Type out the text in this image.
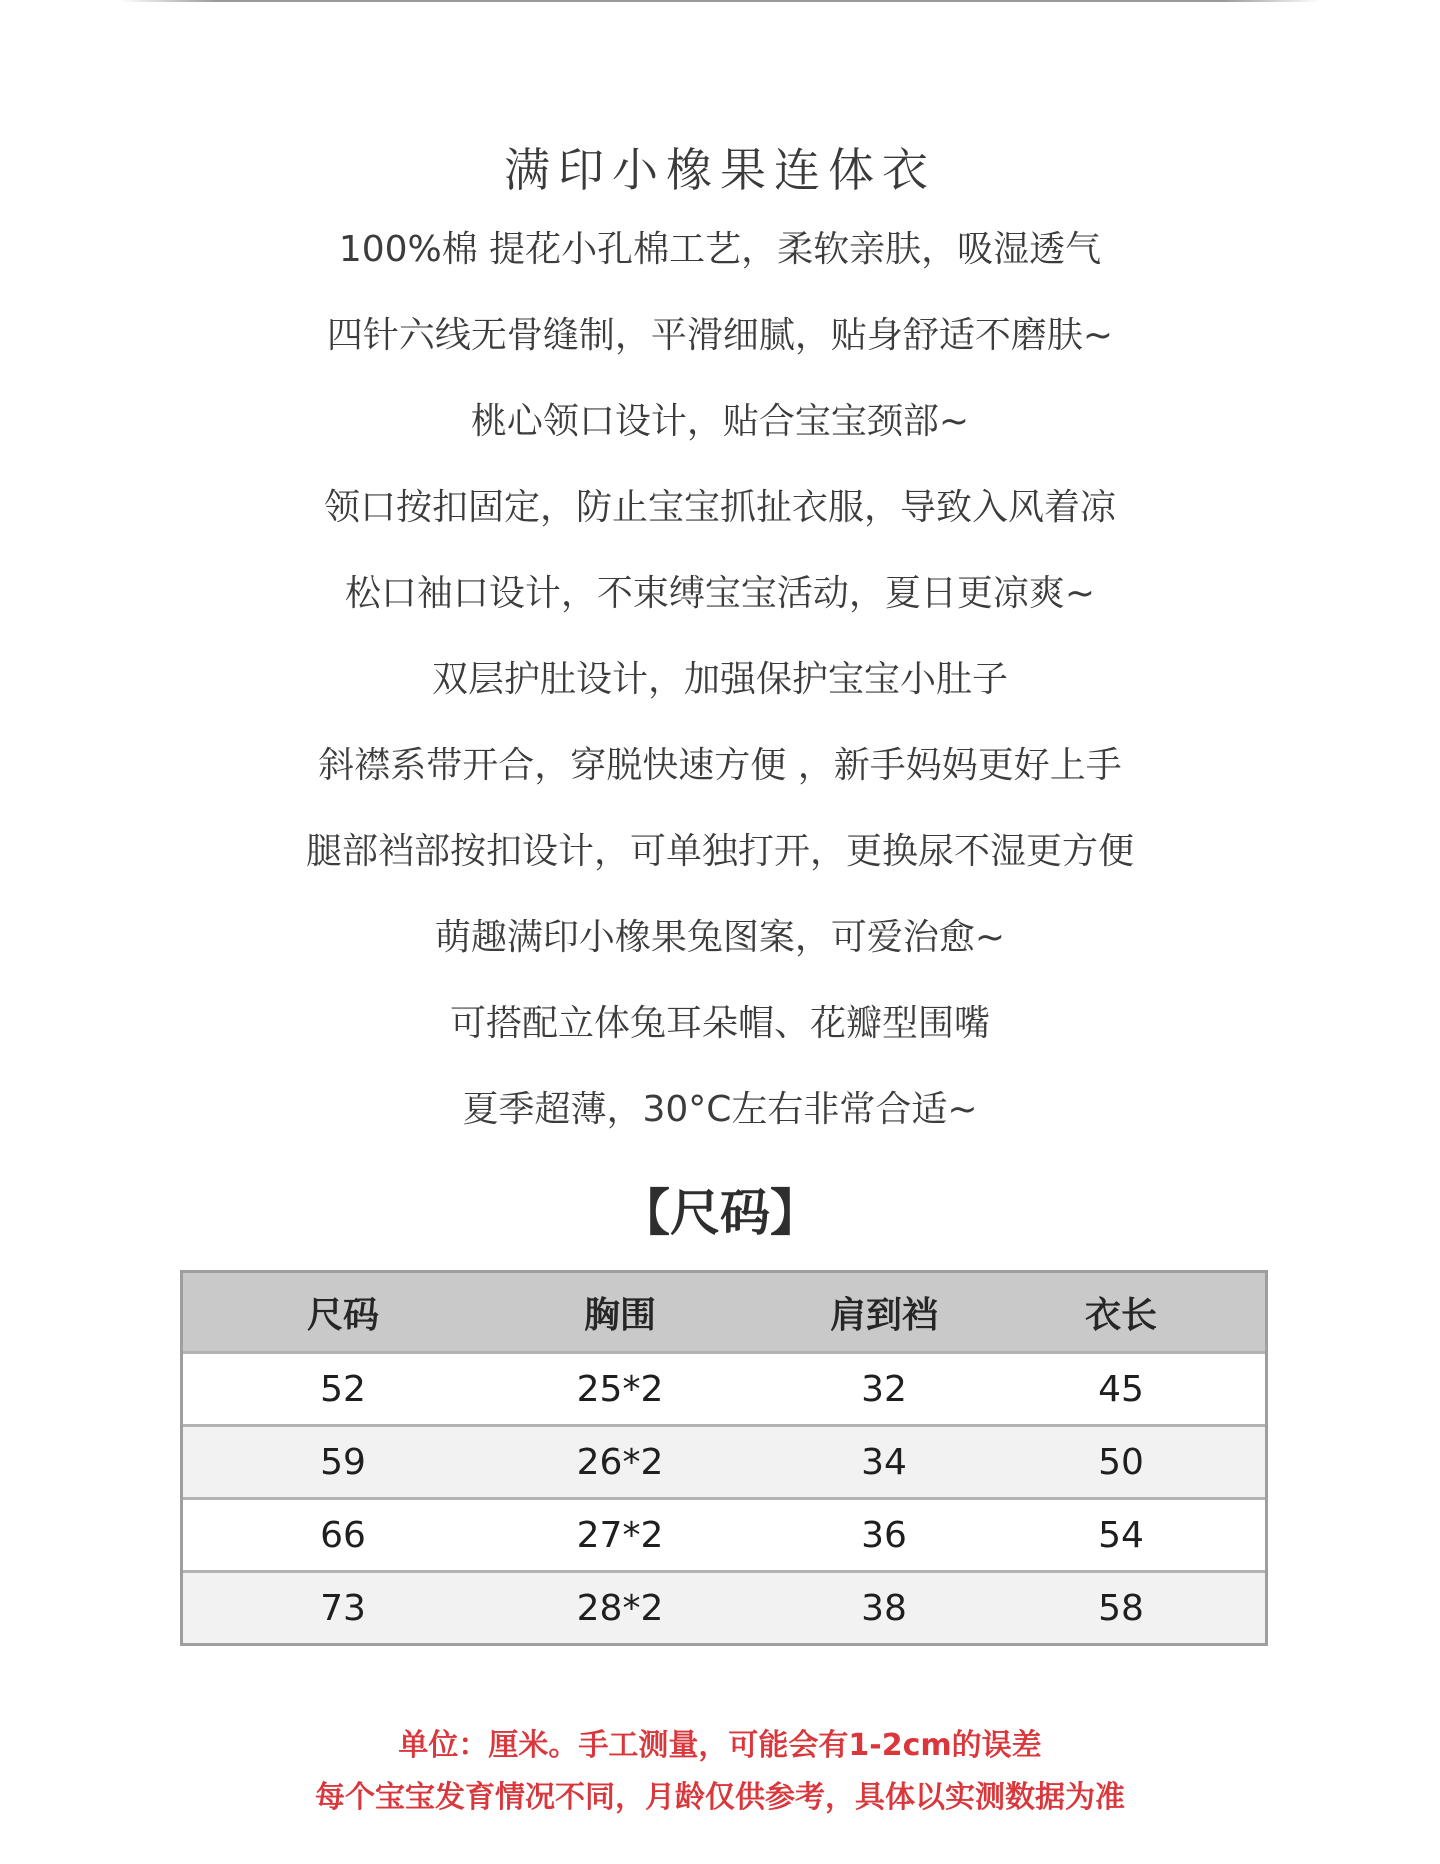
满印小橡果连体衣
100%棉 提花小孔棉工艺，柔软亲肤，吸湿透气
四针六线无骨缝制，平滑细腻，贴身舒适不磨肤~
桃心领口设计，贴合宝宝颈部~
领口按扣固定，防止宝宝抓扯衣服，导致入风着凉
松口袖口设计，不束缚宝宝活动，夏日更凉爽~
双层护肚设计，加强保护宝宝小肚子
斜襟系带开合，穿脱快速方便 ，新手妈妈更好上手
腿部裆部按扣设计，可单独打开，更换尿不湿更方便
萌趣满印小橡果兔图案，可爱治愈~
可搭配立体兔耳朵帽、花瓣型围嘴
夏季超薄，30°C左右非常合适~
【尺码】
尺码	胸围	肩到裆	衣长
52	25*2	32	45
59	26*2	34	50
66	27*2	36	54
73	28*2	38	58

单位：厘米。手工测量，可能会有1-2cm的误差

每个宝宝发育情况不同，月龄仅供参考，具体以实测数据为准
